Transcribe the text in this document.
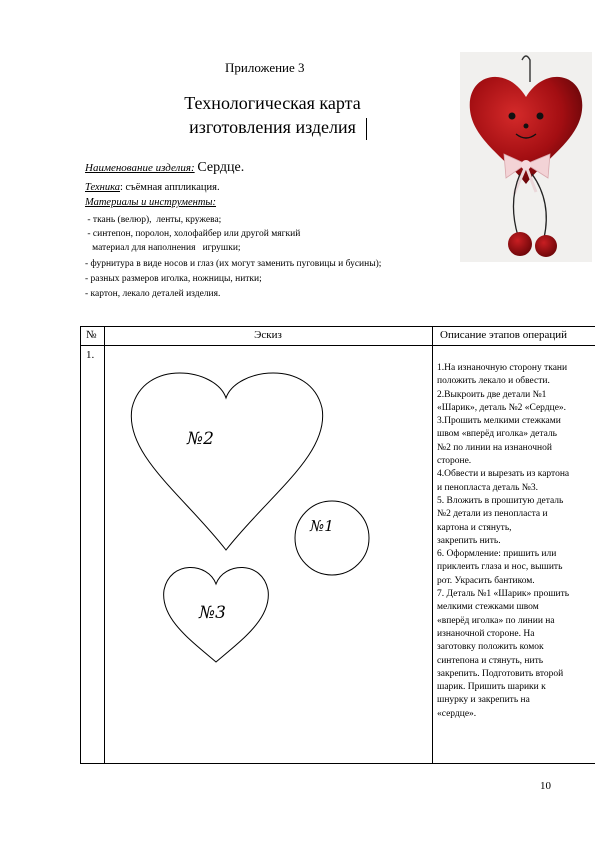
Приложение 3
Технологическая карта
изготовления изделия
Наименование изделия: Сердце.
Техника: съёмная аппликация.
Материалы и инструменты:
- ткань (велюр),  ленты, кружева;
- синтепон, поролон, холофайбер или другой мягкий
материал для наполнения   игрушки;
- фурнитура в виде носов и глаз (их могут заменить пуговицы и бусины);
- разных размеров иголка, ножницы, нитки;
- картон, лекало деталей изделия.
№	Эскиз	Описание этапов операций
1.
№2
№1
№3
1.На изнаночную сторону ткани
положить лекало и обвести.
2.Выкроить две детали №1
«Шарик», деталь №2 «Сердце».
3.Прошить мелкими стежками
швом «вперёд иголка» деталь
№2 по линии на изнаночной
стороне.
4.Обвести и вырезать из картона
и пенопласта деталь №3.
5. Вложить в прошитую деталь
№2 детали из пенопласта и
картона и стянуть,
закрепить нить.
6. Оформление: пришить или
приклеить глаза и нос, вышить
рот. Украсить бантиком.
7. Деталь №1 «Шарик» прошить
мелкими стежками швом
«вперёд иголка» по линии на
изнаночной стороне. На
заготовку положить комок
синтепона и стянуть, нить
закрепить. Подготовить второй
шарик. Пришить шарики к
шнурку и закрепить на
«сердце».
10
